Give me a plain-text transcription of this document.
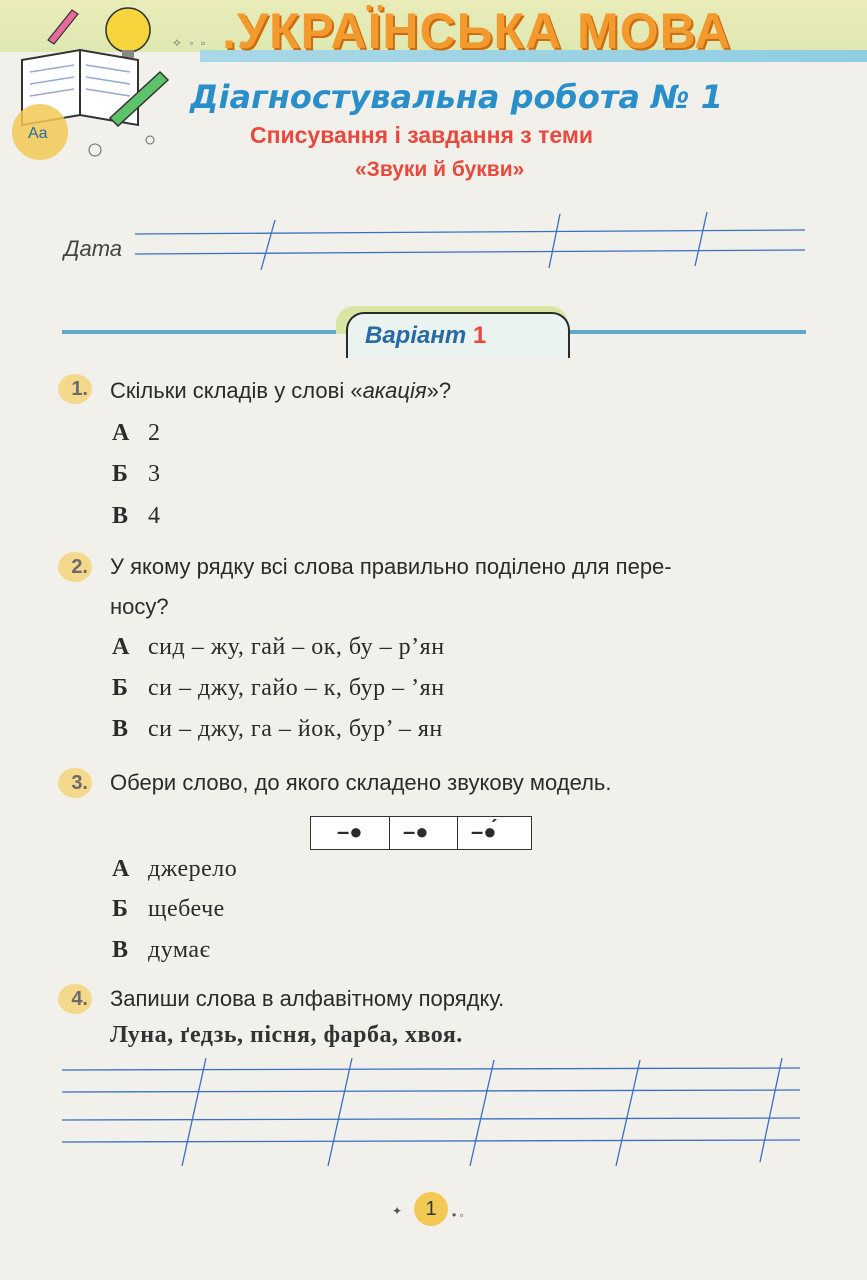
Aa
✧ ◦ ▫ .УКРАЇНСЬКА МОВА
Діагностувальна робота № 1
Списування і завдання з теми
«Звуки й букви»
Дата
Варіант 1
1. Скільки складів у слові «акація»?
А 2
Б 3
В 4
2. У якому рядку всі слова правильно поділено для пере-
носу?
А сид – жу, гай – ок, бу – р’ян
Б си – джу, гайо – к, бур – ’ян
В си – джу, га – йок, бур’ – ян
3. Обери слово, до якого складено звукову модель.
–● –● –●́
А джерело
Б щебече
В думає
4. Запиши слова в алфавітному порядку.
Луна, ґедзь, пісня, фарба, хвоя.
✦	1	• ◦
